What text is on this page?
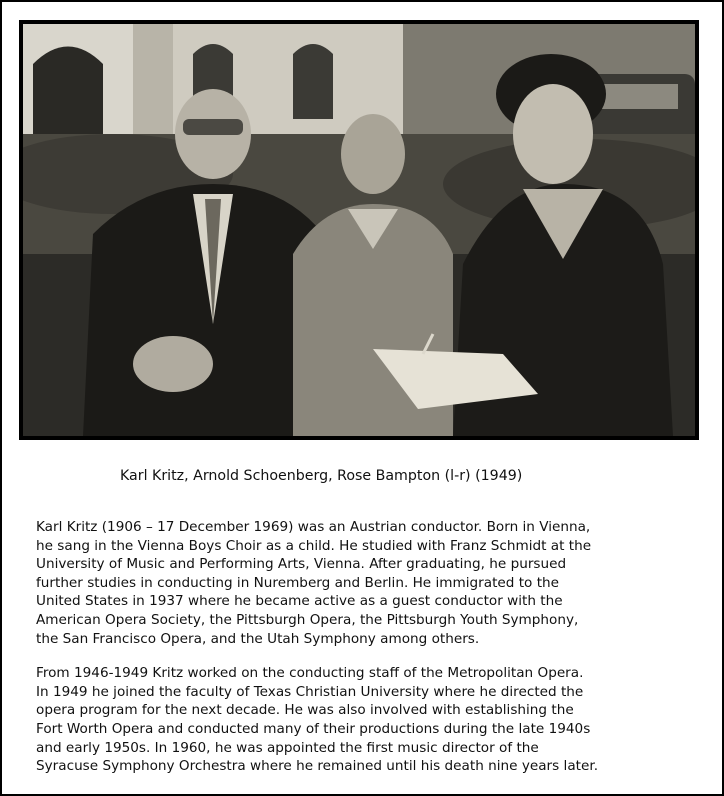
Karl Kritz, Arnold Schoenberg, Rose Bampton (l-r) (1949)

Karl Kritz (1906 – 17 December 1969) was an Austrian conductor. Born in Vienna,
he sang in the Vienna Boys Choir as a child. He studied with Franz Schmidt at the
University of Music and Performing Arts, Vienna. After graduating, he pursued
further studies in conducting in Nuremberg and Berlin. He immigrated to the
United States in 1937 where he became active as a guest conductor with the
American Opera Society, the Pittsburgh Opera, the Pittsburgh Youth Symphony,
the San Francisco Opera, and the Utah Symphony among others.

From 1946-1949 Kritz worked on the conducting staff of the Metropolitan Opera.
In 1949 he joined the faculty of Texas Christian University where he directed the
opera program for the next decade. He was also involved with establishing the
Fort Worth Opera and conducted many of their productions during the late 1940s
and early 1950s. In 1960, he was appointed the first music director of the
Syracuse Symphony Orchestra where he remained until his death nine years later.
